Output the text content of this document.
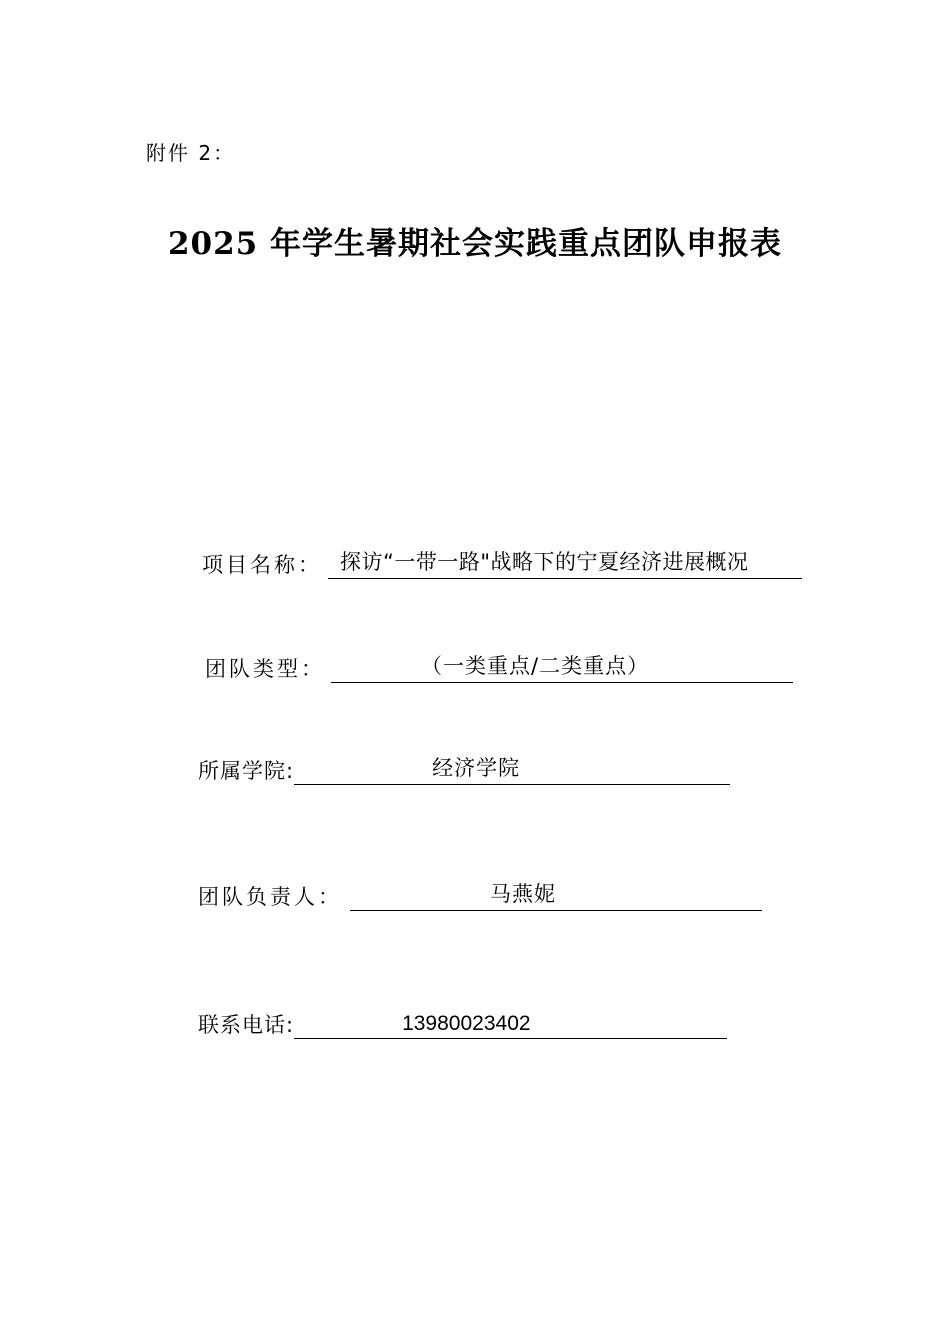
附件 2：
2025 年学生暑期社会实践重点团队申报表
项目名称： 探访“一带一路"战略下的宁夏经济进展概况
团队类型：	（一类重点/二类重点）
所属学院:	经济学院
团队负责人：	马燕妮
联系电话:	13980023402
